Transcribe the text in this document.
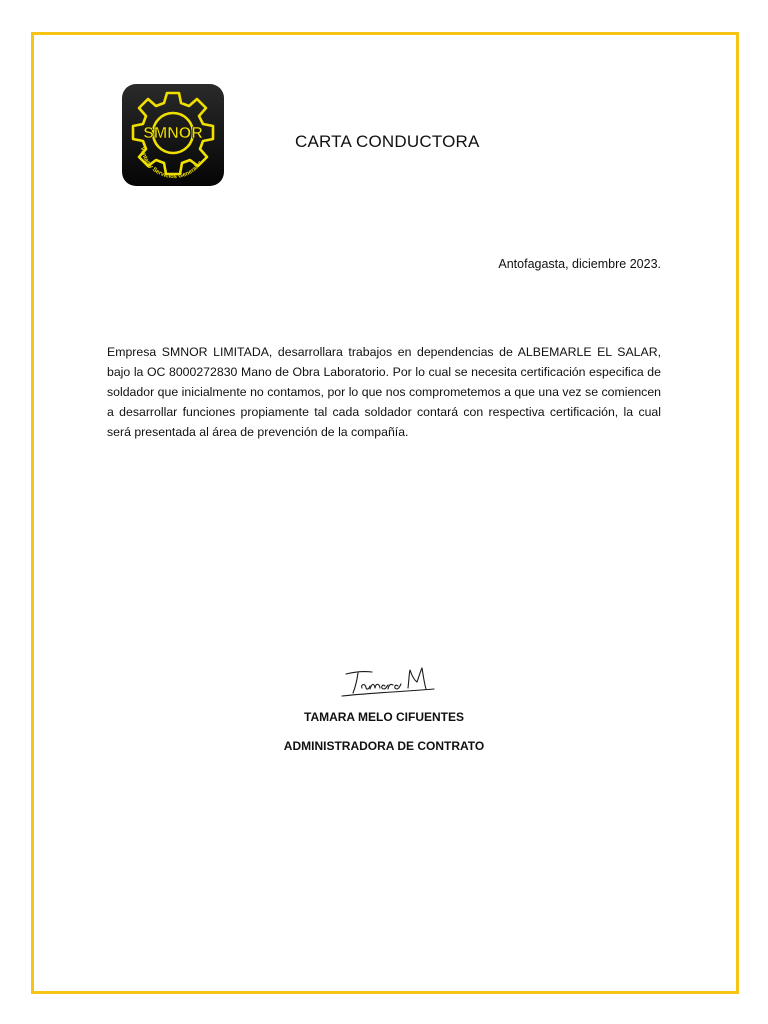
SMNOR
Ventas y Servicios Generales
CARTA CONDUCTORA
Antofagasta, diciembre 2023.

Empresa SMNOR LIMITADA, desarrollara trabajos en dependencias de ALBEMARLE EL SALAR, bajo la OC 8000272830 Mano de Obra Laboratorio. Por lo cual se necesita certificación especifica de soldador que inicialmente no contamos, por lo que nos comprometemos a que una vez se comiencen a desarrollar funciones propiamente tal cada soldador contará con respectiva certificación, la cual será presentada al área de prevención de la compañía.

Tamara M
TAMARA MELO CIFUENTES
ADMINISTRADORA DE CONTRATO
